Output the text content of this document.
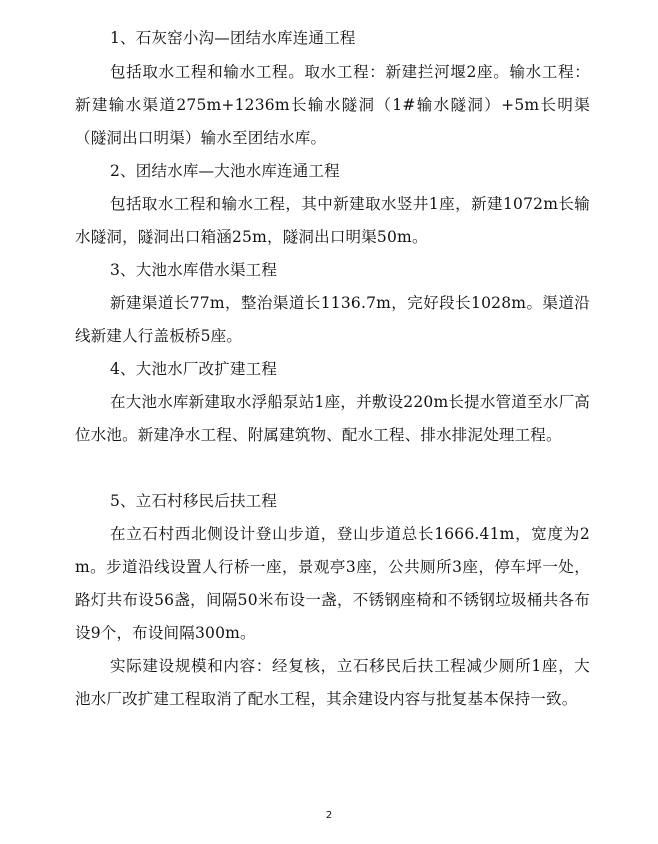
1、石灰窑小沟—团结水库连通工程

包括取水工程和输水工程。取水工程：新建拦河堰2座。输水工程：新建输水渠道275m+1236m长输水隧洞（1#输水隧洞）+5m长明渠（隧洞出口明渠）输水至团结水库。

2、团结水库—大池水库连通工程

包括取水工程和输水工程，其中新建取水竖井1座，新建1072m长输水隧洞，隧洞出口箱涵25m，隧洞出口明渠50m。

3、大池水库借水渠工程

新建渠道长77m，整治渠道长1136.7m，完好段长1028m。渠道沿线新建人行盖板桥5座。

4、大池水厂改扩建工程

在大池水库新建取水浮船泵站1座，并敷设220m长提水管道至水厂高位水池。新建净水工程、附属建筑物、配水工程、排水排泥处理工程。

5、立石村移民后扶工程

在立石村西北侧设计登山步道，登山步道总长1666.41m，宽度为2m。步道沿线设置人行桥一座，景观亭3座，公共厕所3座，停车坪一处，路灯共布设56盏，间隔50米布设一盏，不锈钢座椅和不锈钢垃圾桶共各布设9个，布设间隔300m。

实际建设规模和内容：经复核，立石移民后扶工程减少厕所1座，大池水厂改扩建工程取消了配水工程，其余建设内容与批复基本保持一致。

2
